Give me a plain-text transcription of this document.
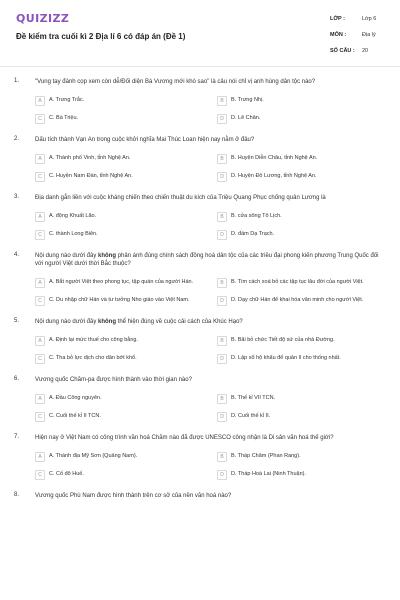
QUIZIZZ
Đề kiểm tra cuối kì 2 Địa lí 6 có đáp án (Đề 1)
LỚP :	Lớp 6
MÔN :	Địa lý
SỐ CÂU :	20
1.	"Vung tay đánh cọp xem còn dễ/Đối diện Bà Vương mới khó sao" là câu nói chỉ vị anh hùng dân tộc nào?
A	A. Trưng Trắc.	B	B. Trưng Nhị.
C	C. Bà Triệu.	D	D. Lê Chân.
2.	Dấu tích thành Vạn An trong cuộc khởi nghĩa Mai Thúc Loan hiện nay nằm ở đâu?
A	A. Thành phố Vinh, tỉnh Nghệ An.	B	B. Huyện Diễn Châu, tỉnh Nghệ An.
C	C. Huyện Nam Đàn, tỉnh Nghệ An.	D	D. Huyện Đô Lương, tỉnh Nghệ An.
3.	Địa danh gắn liền với cuộc kháng chiến theo chiến thuật du kích của Triệu Quang Phục chống quân Lương là
A	A. động Khuất Lão.	B	B. cửa sông Tô Lịch.
C	C. thành Long Biên.	D	D. đầm Dạ Trạch.
4.	Nội dung nào dưới đây không phản ánh đúng chính sách đồng hoá dân tộc của các triều đại phong kiến phương Trung Quốc đối với người Việt dưới thời Bắc thuộc?
A	A. Bắt người Việt theo phong tục, tập quán của người Hán.	B	B. Tìm cách xoá bỏ các tập tục lâu đời của người Việt.
C	C. Du nhập chữ Hán và tư tưởng Nho giáo vào Việt Nam.	D	D. Dạy chữ Hán để khai hóa văn minh cho người Việt.
5.	Nội dung nào dưới đây không thể hiện đúng về cuộc cải cách của Khúc Hạo?
A	A. Định lại mức thuế cho công bằng.	B	B. Bãi bỏ chức Tiết độ sứ của nhà Đường.
C	C. Tha bỏ lực dịch cho dân bớt khổ.	D	D. Lập sổ hộ khẩu để quản lí cho thống nhất.
6.	Vương quốc Chăm-pa được hình thành vào thời gian nào?
A	A. Đầu Công nguyên.	B	B. Thế kỉ VII TCN.
C	C. Cuối thế kỉ II TCN.	D	D. Cuối thế kỉ II.
7.	Hiện nay ở Việt Nam có công trình văn hoá Chăm nào đã được UNESCO công nhận là Di sản văn hoá thế giới?
A	A. Thánh địa Mỹ Sơn (Quảng Nam).	B	B. Tháp Chăm (Phan Rang).
C	C. Cố đô Huế.	D	D. Tháp Hoà Lai (Ninh Thuận).
8.	Vương quốc Phù Nam được hình thành trên cơ sở của nền văn hoá nào?
